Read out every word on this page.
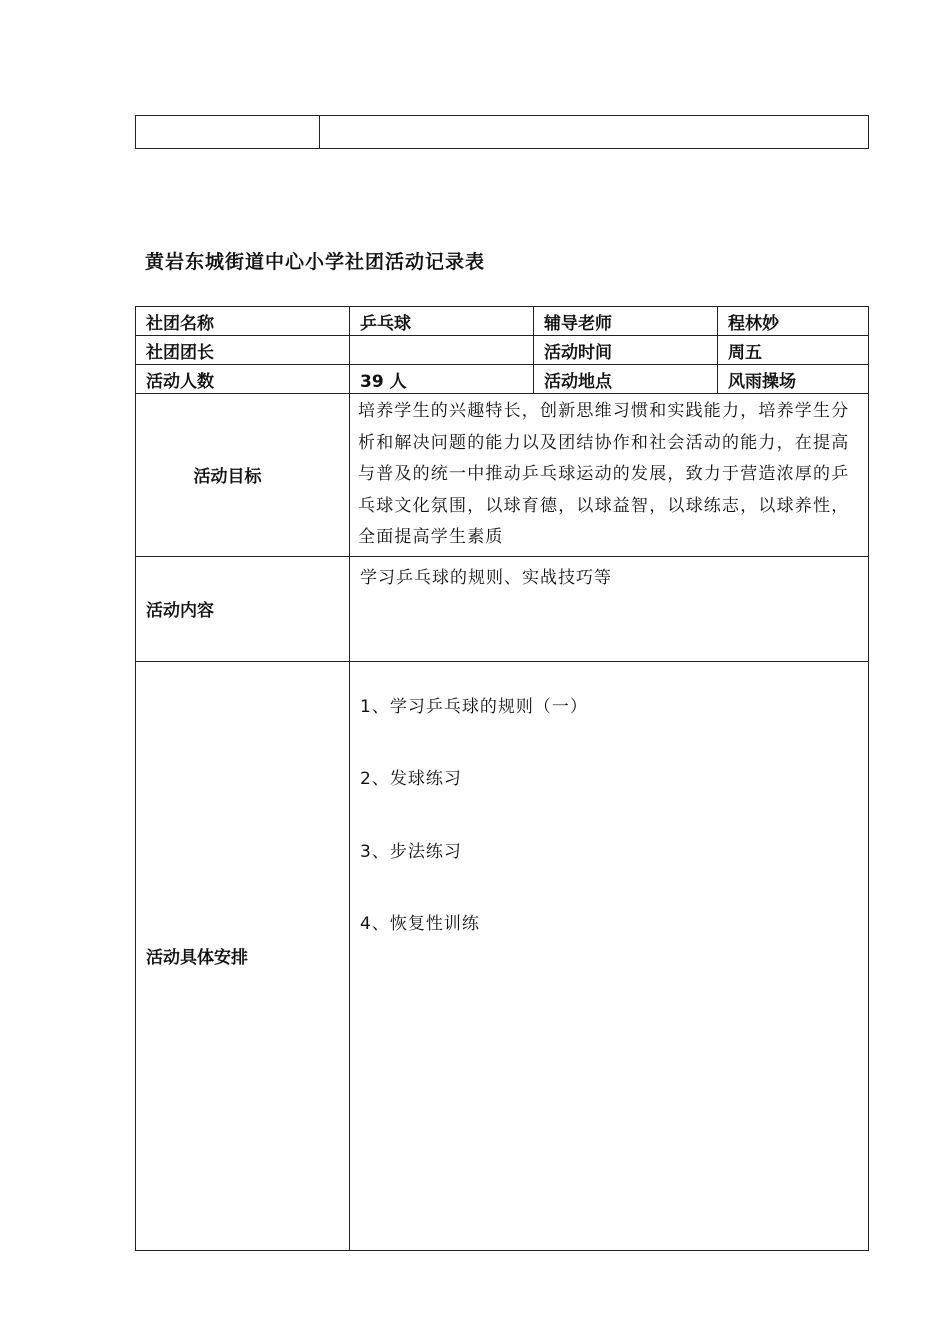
黄岩东城街道中心小学社团活动记录表
社团名称	乒乓球	辅导老师	程林妙
社团团长		活动时间	周五
活动人数	39 人	活动地点	风雨操场
活动目标	培养学生的兴趣特长，创新思维习惯和实践能力，培养学生分析和解决问题的能力以及团结协作和社会活动的能力，在提高与普及的统一中推动乒乓球运动的发展，致力于营造浓厚的乒乓球文化氛围，以球育德，以球益智，以球练志，以球养性，全面提高学生素质		
活动内容	学习乒乓球的规则、实战技巧等		
活动具体安排	1、学习乒乓球的规则（一）
2、发球练习
3、步法练习
4、恢复性训练		
